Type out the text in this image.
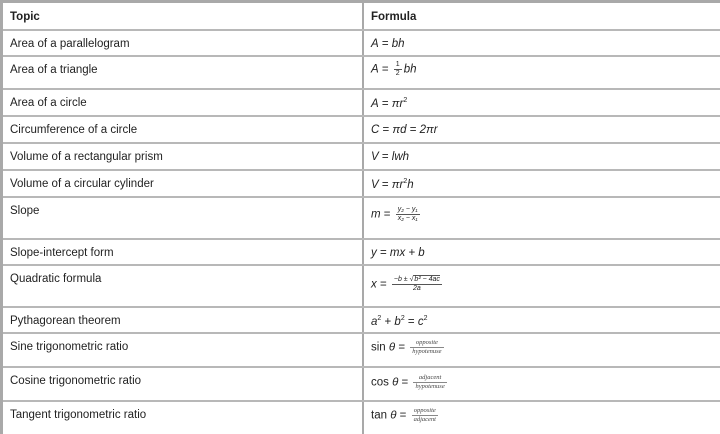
Topic	Formula
Area of a parallelogram	A = bh
Area of a triangle	$A = \frac{1}{2}$ bh
Area of a circle	$A = \pi r^2$
Circumference of a circle	C = πd = 2πr
Volume of a rectangular prism	V = lwh
Volume of a circular cylinder	$V = \pi r^2h$
Slope	$m = \frac{\text{y₂ − y₁}}{\text{x₂ − x₁}}$

Slope-intercept form	y = mx + b
Quadratic formula	$x = \frac{\text{−b ± √b² − 4ac}}{2a}$

Pythagorean theorem	$a^2 + b^2 = c^2$
Sine trigonometric ratio	$\sin \theta = \frac{\text{opposite}}{\text{hypotenuse}}$

Cosine trigonometric ratio	$\cos \theta = \frac{\text{adjacent}}{\text{hypotenuse}}$

Tangent trigonometric ratio	$\tan \theta = \frac{\text{opposite}}{\text{adjacent}}$
